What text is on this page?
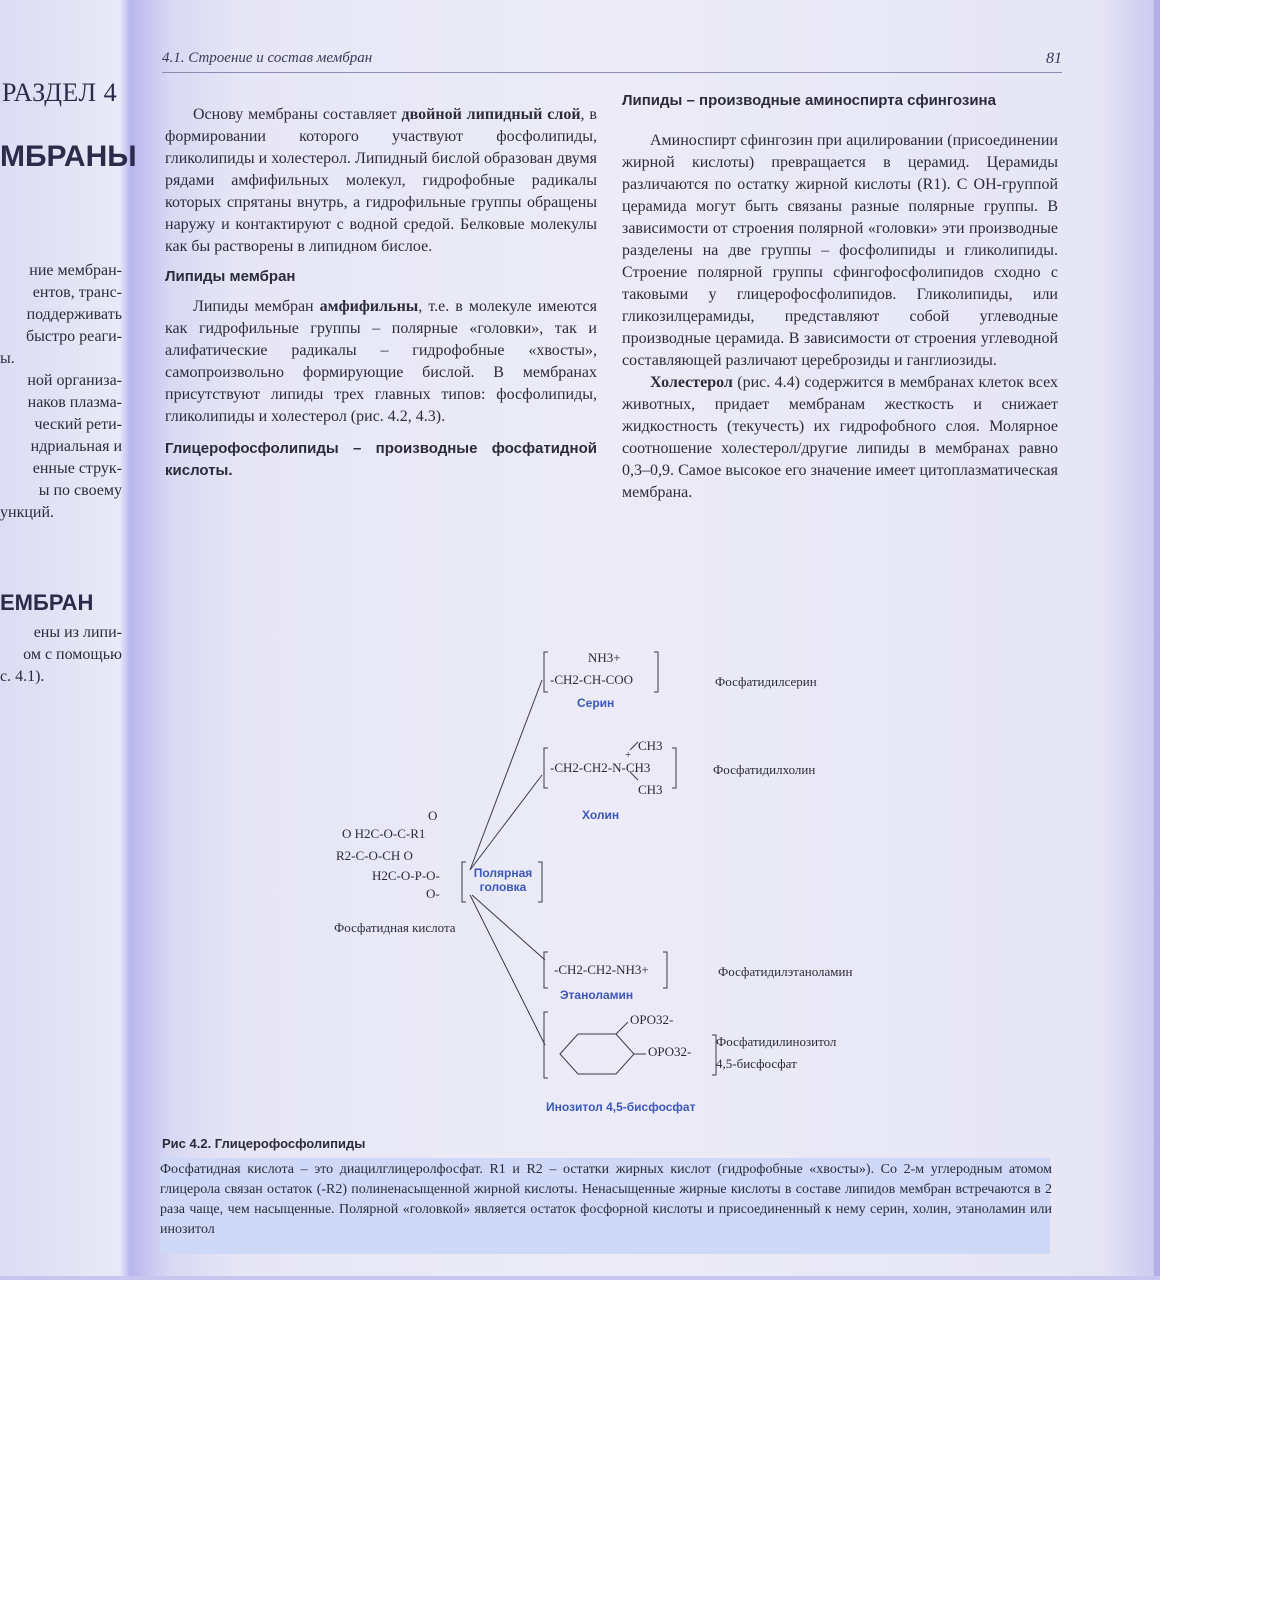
РАЗДЕЛ 4
МБРАНЫ
ние мембран-
ентов, транс-
поддерживать
быстро реаги-
ы.
ной организа-
наков плазма-
ческий рети-
ндриальная и
енные струк-
ы по своему
ункций.
ЕМБРАН
ены из липи-
ом с помощью
с. 4.1).
4.1. Строение и состав мембран	81

Основу мембраны составляет двойной липидный слой, в формировании которого участвуют фосфолипиды, гликолипиды и холестерол. Липидный бислой образован двумя рядами амфифильных молекул, гидрофобные радикалы которых спрятаны внутрь, а гидрофильные группы обращены наружу и контактируют с водной средой. Белковые молекулы как бы растворены в липидном бислое.

Липиды мембран

Липиды мембран амфифильны, т.е. в молекуле имеются как гидрофильные группы – полярные «головки», так и алифатические радикалы – гидрофобные «хвосты», самопроизвольно формирующие бислой. В мембранах присутствуют липиды трех главных типов: фосфолипиды, гликолипиды и холестерол (рис. 4.2, 4.3).

Глицерофосфолипиды – производные фосфатидной кислоты.
Липиды – производные аминоспирта сфингозина

Аминоспирт сфингозин при ацилировании (присоединении жирной кислоты) превращается в церамид. Церамиды различаются по остатку жирной кислоты (R1). С ОН-группой церамида могут быть связаны разные полярные группы. В зависимости от строения полярной «головки» эти производные разделены на две группы – фосфолипиды и гликолипиды. Строение полярной группы сфингофосфолипидов сходно с таковыми у глицерофосфолипидов. Гликолипиды, или гликозилцерамиды, представляют собой углеводные производные церамида. В зависимости от строения углеводной составляющей различают цереброзиды и ганглиозиды.

Холестерол (рис. 4.4) содержится в мембранах клеток всех животных, придает мембранам жесткость и снижает жидкостность (текучесть) их гидрофобного слоя. Молярное соотношение холестерол/другие липиды в мембранах равно 0,3–0,9. Самое высокое его значение имеет цитоплазматическая мембрана.

NH3+
-CH2-CH-COO
Серин
Фосфатидилсерин
CH3
+
-CH2-CH2-N-CH3
CH3
Холин
Фосфатидилхолин
O
O H2C-O-C-R1
R2-C-O-CH O
H2C-O-P-O-
O-
Полярная головка
Фосфатидная кислота
-CH2-CH2-NH3+
Этаноламин
Фосфатидилэтаноламин
OPO32-
OPO32-
Инозитол 4,5-бисфосфат
Фосфатидилинозитол
4,5-бисфосфат
Рис 4.2. Глицерофосфолипиды

Фосфатидная кислота – это диацилглицеролфосфат. R1 и R2 – остатки жирных кислот (гидрофобные «хвосты»). Со 2-м углеродным атомом глицерола связан остаток (-R2) полиненасыщенной жирной кислоты. Ненасыщенные жирные кислоты в составе липидов мембран встречаются в 2 раза чаще, чем насыщенные. Полярной «головкой» является остаток фосфорной кислоты и присоединенный к нему серин, холин, этаноламин или инозитол
